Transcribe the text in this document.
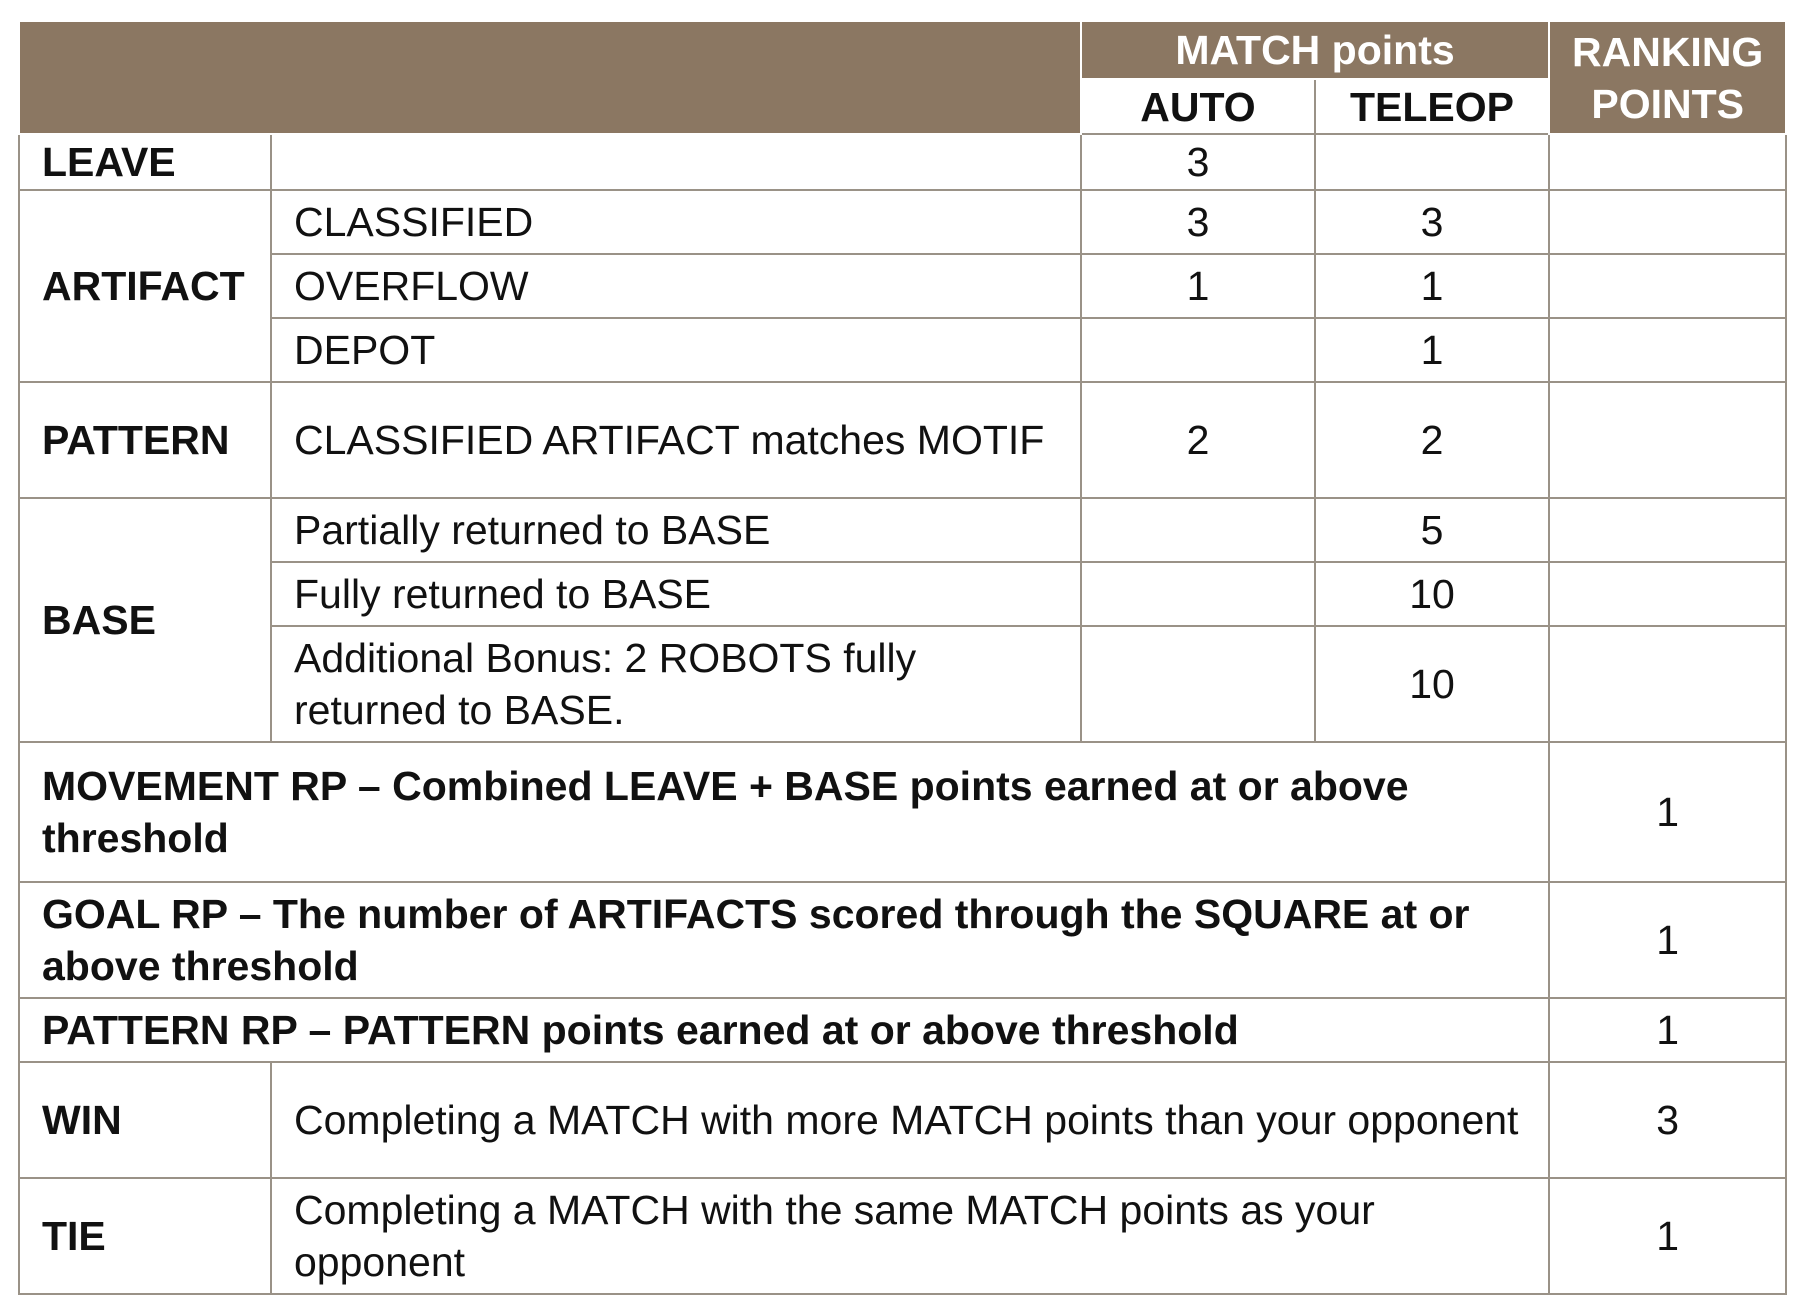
		MATCH points		RANKING POINTS
		AUTO	TELEOP	
LEAVE		3		
ARTIFACT	CLASSIFIED	3	3	
	OVERFLOW	1	1	
	DEPOT		1	
PATTERN	CLASSIFIED ARTIFACT matches MOTIF	2	2	
BASE	Partially returned to BASE		5	
	Fully returned to BASE		10	
	Additional Bonus: 2 ROBOTS fully returned to BASE.		10	
MOVEMENT RP – Combined LEAVE + BASE points earned at or above threshold				1
GOAL RP – The number of ARTIFACTS scored through the SQUARE at or above threshold				1
PATTERN RP – PATTERN points earned at or above threshold				1
WIN	Completing a MATCH with more MATCH points than your opponent			3
TIE	Completing a MATCH with the same MATCH points as your opponent			1
